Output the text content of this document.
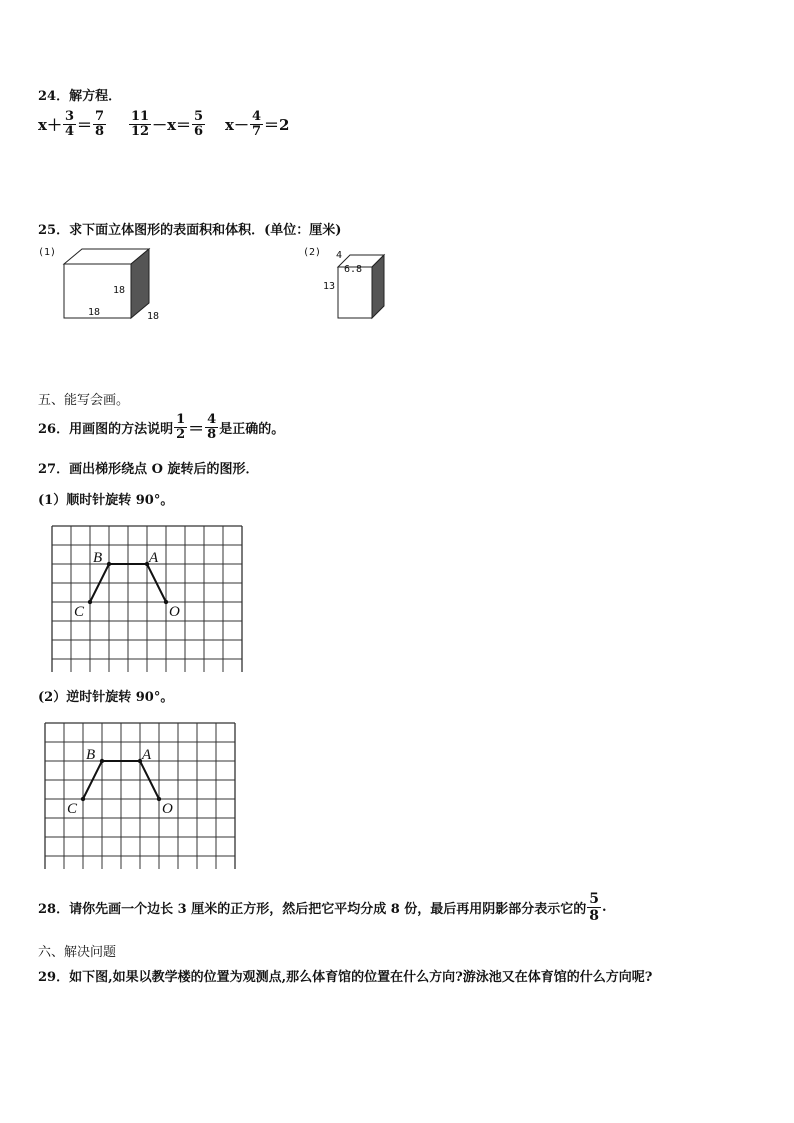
24．解方程．
$x+ \frac{3}{4} = \frac{7}{8} \frac{11}{12} -x= \frac{5}{6} x- \frac{4}{7} =2$
25．求下面立体图形的表面积和体积．(单位：厘米)
(1)
18
18	18
(2) 4
6.8
13
五、能写会画。
26．用画图的方法说明 $\frac{1}{2} = \frac{4}{8}$ 是正确的。
27．画出梯形绕点 O 旋转后的图形．
(1）顺时针旋转 90°。
B	A
C	O
(2）逆时针旋转 90°。
B	A
C	O
28．请你先画一个边长 3 厘米的正方形，然后把它平均分成 8 份，最后再用阴影部分表示它的 $\frac{5}{8}$ .
六、解决问题
29．如下图,如果以教学楼的位置为观测点,那么体育馆的位置在什么方向?游泳池又在体育馆的什么方向呢?
